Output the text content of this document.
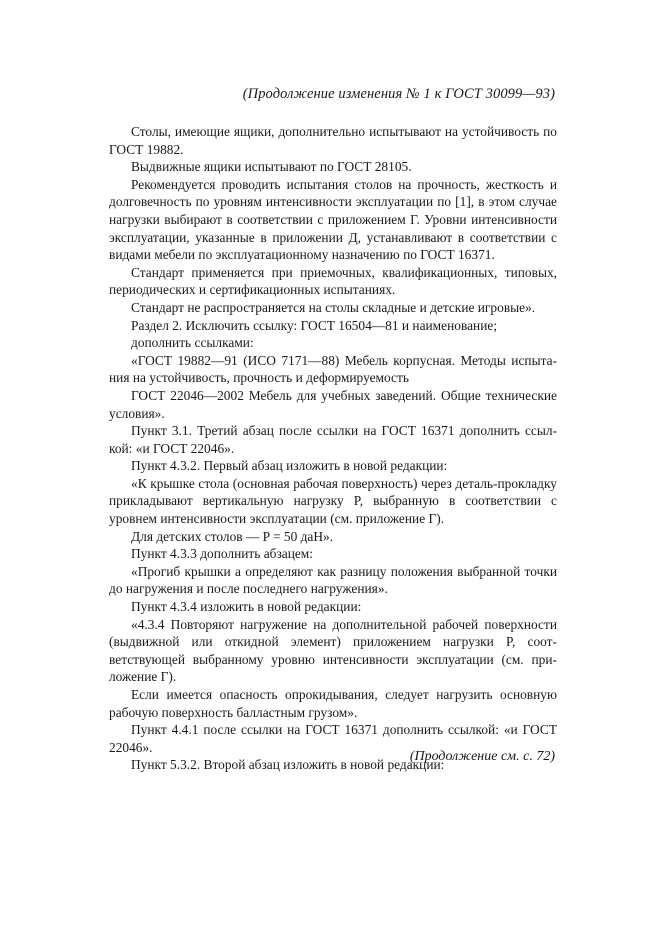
(Продолжение изменения № 1 к ГОСТ 30099—93)

Столы, имеющие ящики, дополнительно испытывают на устойчивость по ГОСТ 19882.

Выдвижные ящики испытывают по ГОСТ 28105.

Рекомендуется проводить испытания столов на прочность, жесткость и долговечность по уровням интенсивности эксплуатации по [1], в этом случае нагрузки выбирают в соответствии с приложением Г. Уровни интенсивности эксплуатации, указанные в приложении Д, устанавливают в соответствии с видами мебели по эксплуатационному назначению по ГОСТ 16371.

Стандарт применяется при приемочных, квалификационных, типовых, периодических и сертификационных испытаниях.

Стандарт не распространяется на столы складные и детские игровые».

Раздел 2. Исключить ссылку: ГОСТ 16504—81 и наименование;

дополнить ссылками:

«ГОСТ 19882—91 (ИСО 7171—88) Мебель корпусная. Методы испытания на устойчивость, прочность и деформируемость

ГОСТ 22046—2002 Мебель для учебных заведений. Общие технические условия».

Пункт 3.1. Третий абзац после ссылки на ГОСТ 16371 дополнить ссылкой: «и ГОСТ 22046».

Пункт 4.3.2. Первый абзац изложить в новой редакции:

«К крышке стола (основная рабочая поверхность) через деталь-прокладку прикладывают вертикальную нагрузку P, выбранную в соответствии с уровнем интенсивности эксплуатации (см. приложение Г).

Для детских столов — P = 50 даН».

Пункт 4.3.3 дополнить абзацем:

«Прогиб крышки a определяют как разницу положения выбранной точки до нагружения и после последнего нагружения».

Пункт 4.3.4 изложить в новой редакции:

«4.3.4 Повторяют нагружение на дополнительной рабочей поверхности (выдвижной или откидной элемент) приложением нагрузки P, соответствующей выбранному уровню интенсивности эксплуатации (см. приложение Г).

Если имеется опасность опрокидывания, следует нагрузить основную рабочую поверхность балластным грузом».

Пункт 4.4.1 после ссылки на ГОСТ 16371 дополнить ссылкой: «и ГОСТ 22046».

Пункт 5.3.2. Второй абзац изложить в новой редакции:

(Продолжение см. с. 72)
